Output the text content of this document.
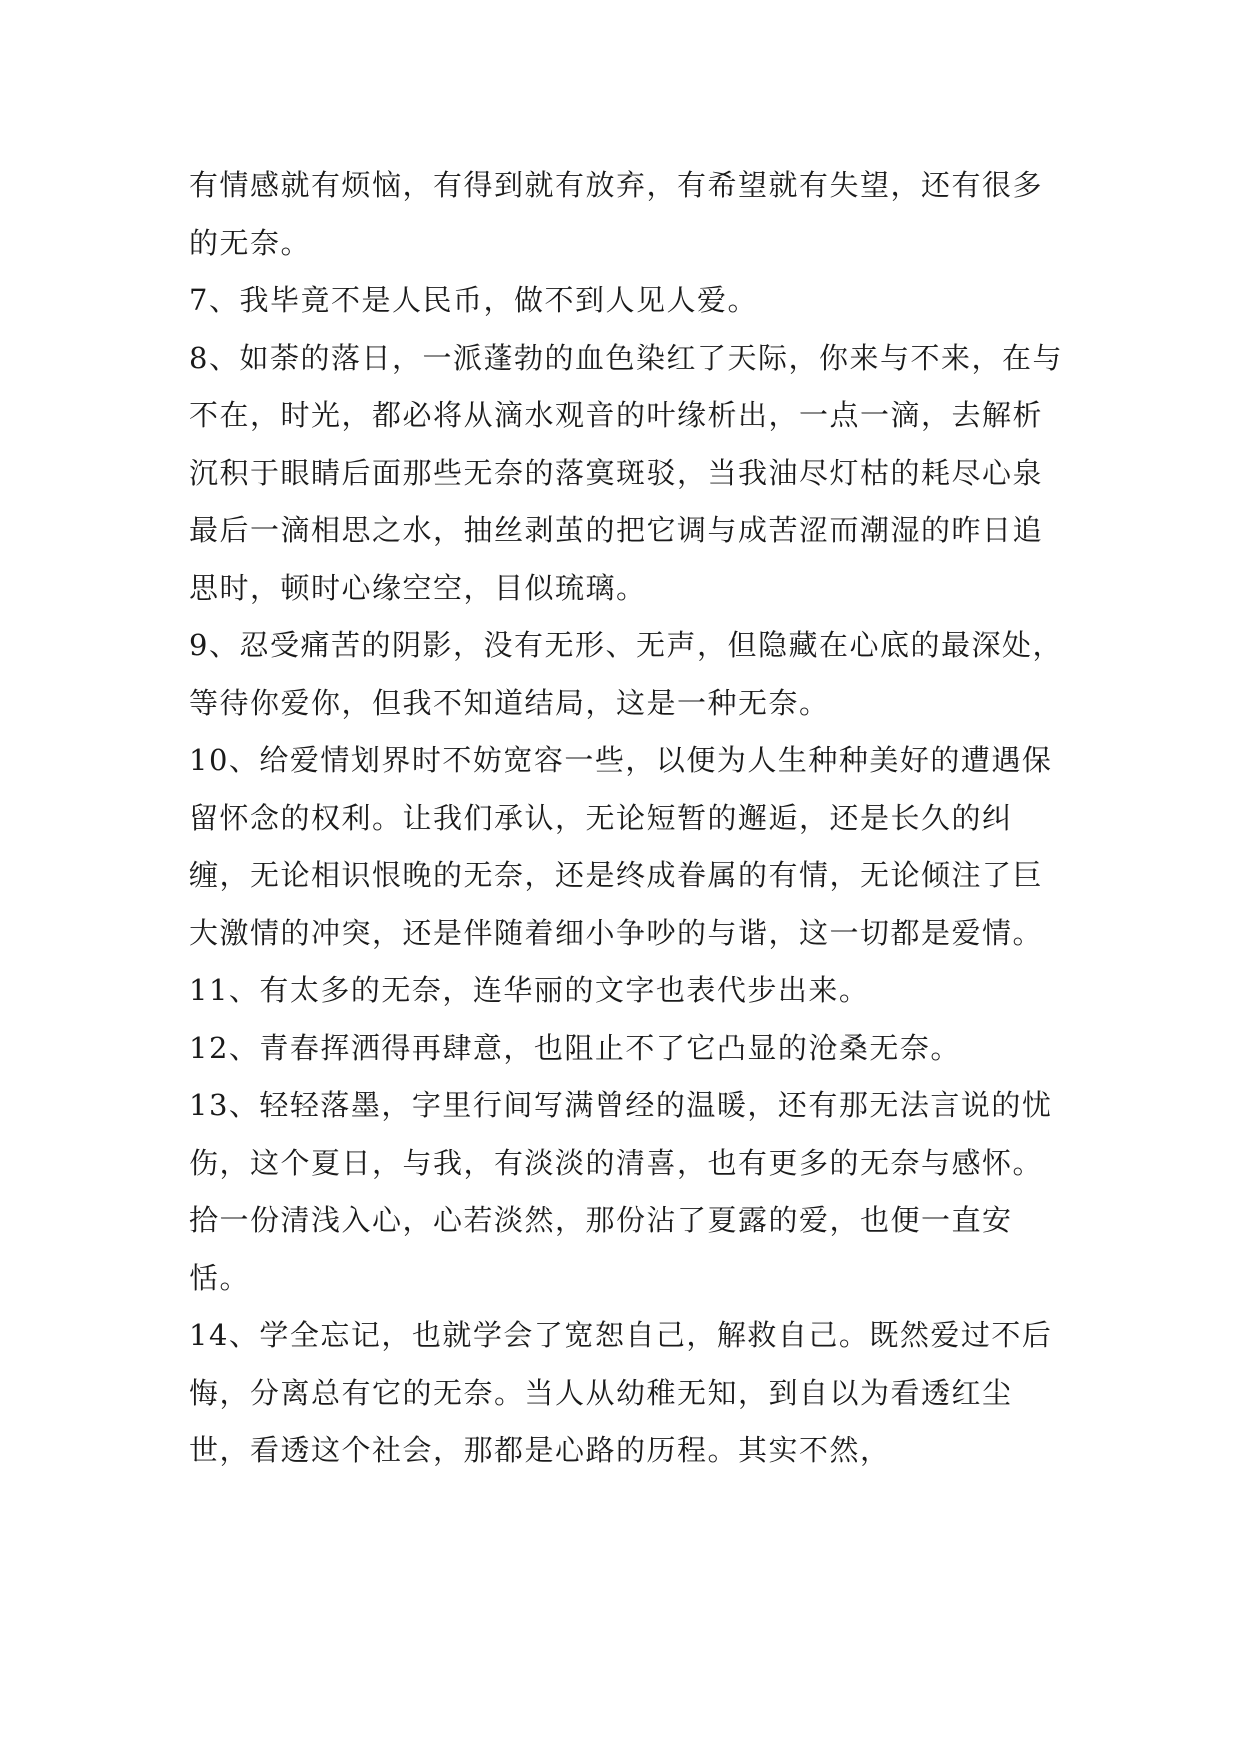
有情感就有烦恼，有得到就有放弃，有希望就有失望，还有很多的无奈。

7、我毕竟不是人民币，做不到人见人爱。

8、如荼的落日，一派蓬勃的血色染红了天际，你来与不来，在与不在，时光，都必将从滴水观音的叶缘析出，一点一滴，去解析沉积于眼睛后面那些无奈的落寞斑驳，当我油尽灯枯的耗尽心泉最后一滴相思之水，抽丝剥茧的把它调与成苦涩而潮湿的昨日追思时，顿时心缘空空，目似琉璃。

9、忍受痛苦的阴影，没有无形、无声，但隐藏在心底的最深处，等待你爱你，但我不知道结局，这是一种无奈。

10、给爱情划界时不妨宽容一些，以便为人生种种美好的遭遇保留怀念的权利。让我们承认，无论短暂的邂逅，还是长久的纠缠，无论相识恨晚的无奈，还是终成眷属的有情，无论倾注了巨大激情的冲突，还是伴随着细小争吵的与谐，这一切都是爱情。

11、有太多的无奈，连华丽的文字也表代步出来。

12、青春挥洒得再肆意，也阻止不了它凸显的沧桑无奈。

13、轻轻落墨，字里行间写满曾经的温暖，还有那无法言说的忧伤，这个夏日，与我，有淡淡的清喜，也有更多的无奈与感怀。拾一份清浅入心，心若淡然，那份沾了夏露的爱，也便一直安恬。

14、学全忘记，也就学会了宽恕自己，解救自己。既然爱过不后悔，分离总有它的无奈。当人从幼稚无知，到自以为看透红尘世，看透这个社会，那都是心路的历程。其实不然，
